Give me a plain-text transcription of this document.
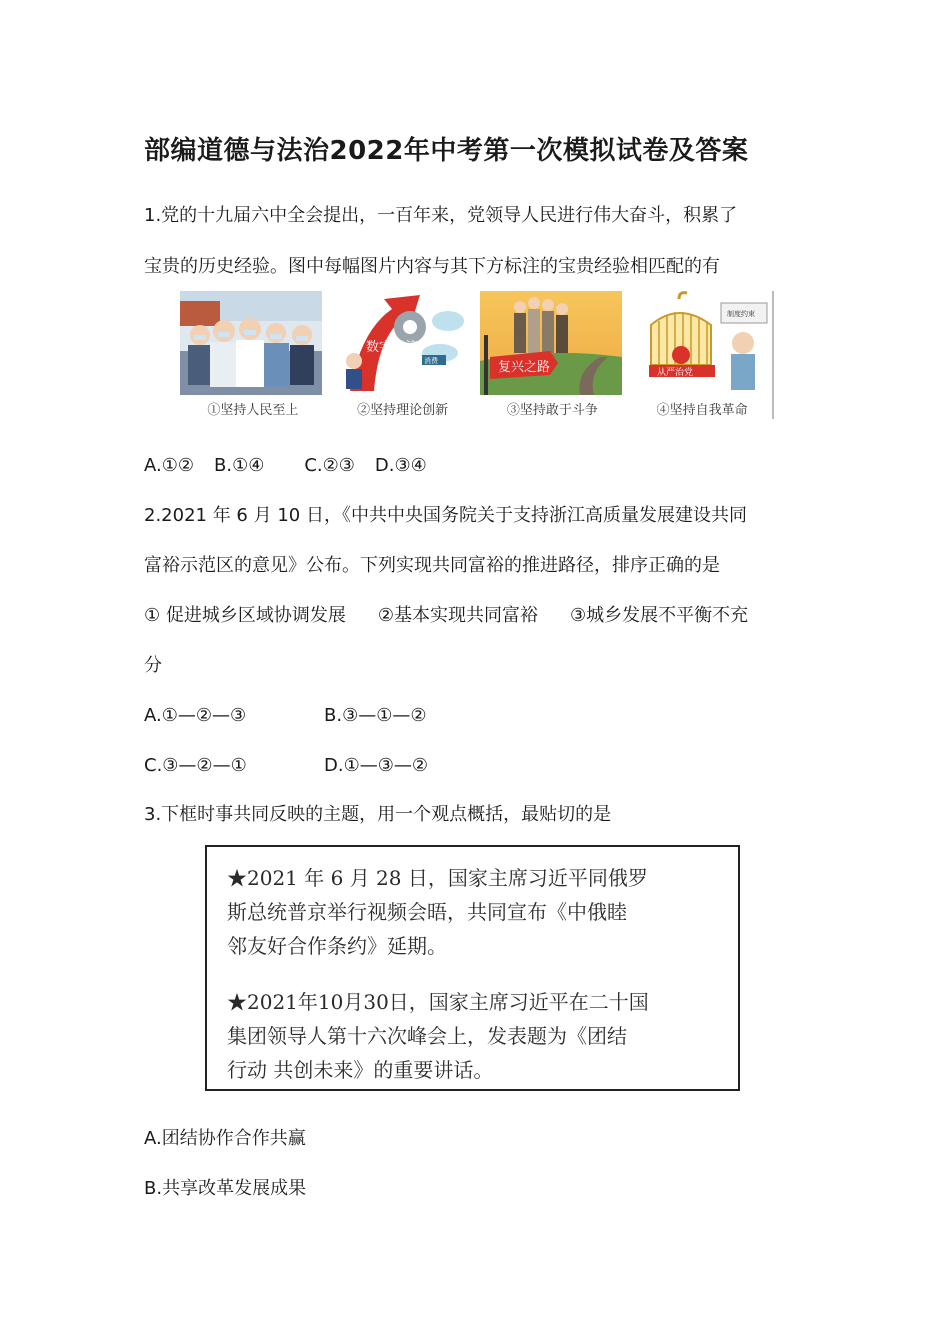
部编道德与法治2022年中考第一次模拟试卷及答案
1.党的十九届六中全会提出，一百年来，党领导人民进行伟大奋斗，积累了
宝贵的历史经验。图中每幅图片内容与其下方标注的宝贵经验相匹配的有
①坚持人民至上
数字经济
消费
②坚持理论创新
复兴之路
③坚持敢于斗争
从严治党
制度约束
④坚持自我革命
A.①② B.①④ C.②③ D.③④
2.2021 年 6 月 10 日，《中共中央国务院关于支持浙江高质量发展建设共同
富裕示范区的意见》公布。下列实现共同富裕的推进路径，排序正确的是
① 促进城乡区域协调发展 ②基本实现共同富裕 ③城乡发展不平衡不充
分
A.①—②—③	B.③—①—②
C.③—②—①	D.①—③—②
3.下框时事共同反映的主题，用一个观点概括，最贴切的是

★2021 年 6 月 28 日，国家主席习近平同俄罗
斯总统普京举行视频会晤，共同宣布《中俄睦
邻友好合作条约》延期。

★2021年10月30日，国家主席习近平在二十国
集团领导人第十六次峰会上，发表题为《团结
行动 共创未来》的重要讲话。

A.团结协作合作共赢
B.共享改革发展成果
